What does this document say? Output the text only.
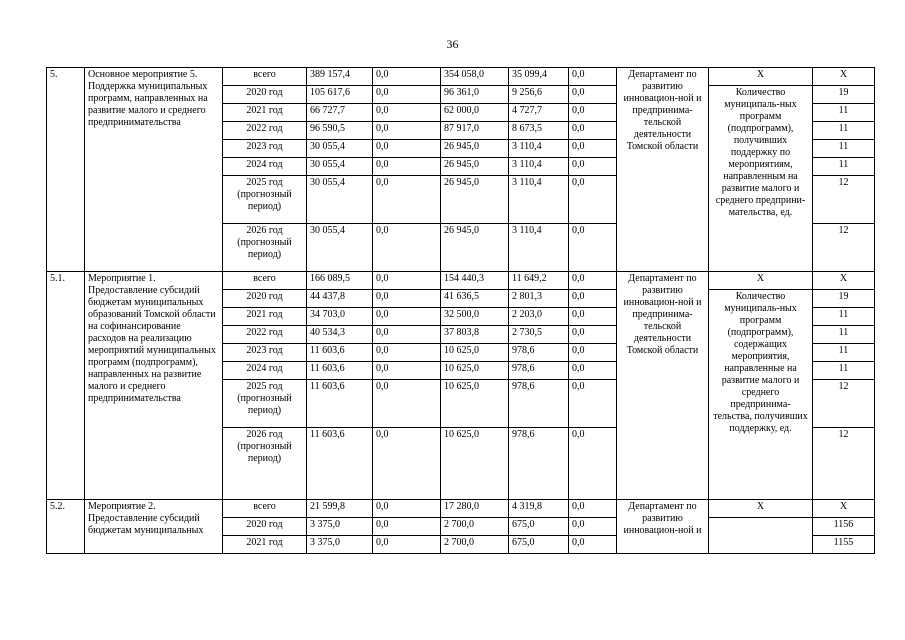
36
5.	Основное мероприятие 5. Поддержка муниципальных программ, направленных на развитие малого и среднего предпринимательства	всего	389 157,4	0,0	354 058,0	35 099,4	0,0	Департамент по развитию инновацион-ной и предпринима-тельской деятельности Томской области	Х	Х
		2020 год	105 617,6	0,0	96 361,0	9 256,6	0,0		Количество муниципаль-ных программ (подпрограмм), получивших поддержку по мероприятиям, направленным на развитие малого и среднего предприни-мательства, ед.	19
		2021 год	66 727,7	0,0	62 000,0	4 727,7	0,0			11
		2022 год	96 590,5	0,0	87 917,0	8 673,5	0,0			11
		2023 год	30 055,4	0,0	26 945,0	3 110,4	0,0			11
		2024 год	30 055,4	0,0	26 945,0	3 110,4	0,0			11
		2025 год (прогнозный период)	30 055,4	0,0	26 945,0	3 110,4	0,0			12
		2026 год (прогнозный период)	30 055,4	0,0	26 945,0	3 110,4	0,0			12
5.1.	Мероприятие 1. Предоставление субсидий бюджетам муниципальных образований Томской области на софинансирование расходов на реализацию мероприятий муниципальных программ (подпрограмм), направленных на развитие малого и среднего предпринимательства	всего	166 089,5	0,0	154 440,3	11 649,2	0,0	Департамент по развитию инновацион-ной и предпринима-тельской деятельности Томской области	Х	Х
		2020 год	44 437,8	0,0	41 636,5	2 801,3	0,0		Количество муниципаль-ных программ (подпрограмм), содержащих мероприятия, направленные на развитие малого и среднего предпринима-тельства, получивших поддержку, ед.	19
		2021 год	34 703,0	0,0	32 500,0	2 203,0	0,0			11
		2022 год	40 534,3	0,0	37 803,8	2 730,5	0,0			11
		2023 год	11 603,6	0,0	10 625,0	978,6	0,0			11
		2024 год	11 603,6	0,0	10 625,0	978,6	0,0			11
		2025 год (прогнозный период)	11 603,6	0,0	10 625,0	978,6	0,0			12
		2026 год (прогнозный период)	11 603,6	0,0	10 625,0	978,6	0,0			12
5.2.	Мероприятие 2. Предоставление субсидий бюджетам муниципальных	всего	21 599,8	0,0	17 280,0	4 319,8	0,0	Департамент по развитию инновацион-ной и	Х	Х
		2020 год	3 375,0	0,0	2 700,0	675,0	0,0			1156
		2021 год	3 375,0	0,0	2 700,0	675,0	0,0			1155
